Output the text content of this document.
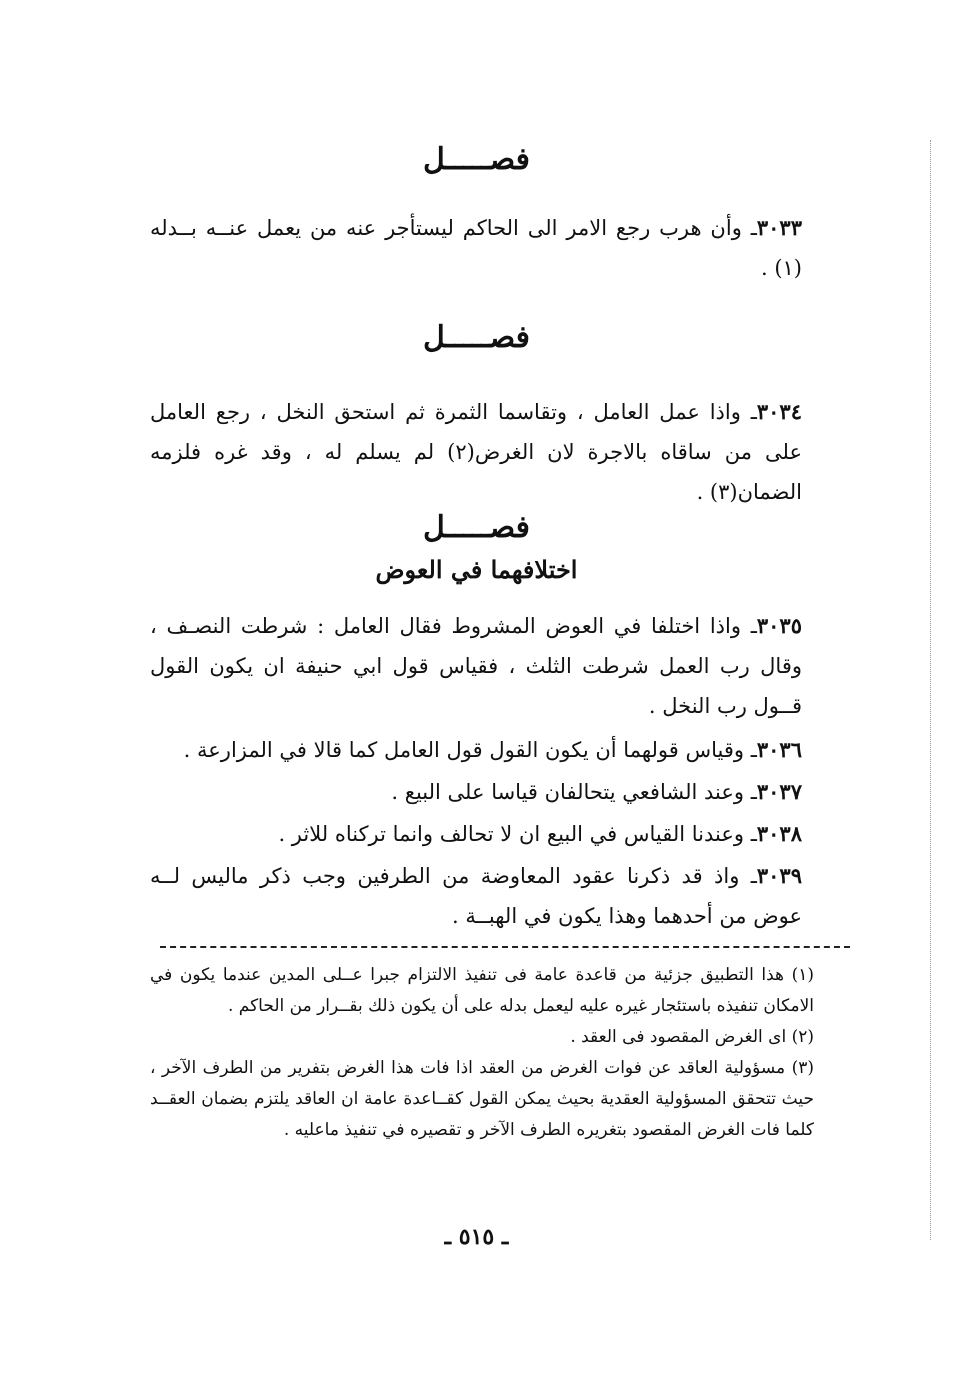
فصـــــل

٣٠٣٣ـ وأن هرب رجع الامر الى الحاكم ليستأجر عنه من يعمل عنــه بــدله (١) .

فصـــــل

٣٠٣٤ـ واذا عمل العامل ، وتقاسما الثمرة ثم استحق النخل ، رجع العامل على من ساقاه بالاجرة لان الغرض(٢) لم يسلم له ، وقد غره فلزمه الضمان(٣) .

فصـــــل
اختلافهما في العوض

٣٠٣٥ـ واذا اختلفا في العوض المشروط فقال العامل : شرطت النصـف ، وقال رب العمل شرطت الثلث ، فقياس قول ابي حنيفة ان يكون القول قــول رب النخل .

٣٠٣٦ـ وقياس قولهما أن يكون القول قول العامل كما قالا في المزارعة .

٣٠٣٧ـ وعند الشافعي يتحالفان قياسا على البيع .

٣٠٣٨ـ وعندنا القياس في البيع ان لا تحالف وانما تركناه للاثر .

٣٠٣٩ـ واذ قد ذكرنا عقود المعاوضة من الطرفين وجب ذكر ماليس لــه عوض من أحدهما وهذا يكون في الهبــة .

(١) هذا التطبيق جزئية من قاعدة عامة فى تنفيذ الالتزام جبرا عــلى المدين عندما يكون في الامكان تنفيذه باستئجار غيره عليه ليعمل بدله على أن يكون ذلك بقــرار من الحاكم .

(٢) اى الغرض المقصود فى العقد .

(٣) مسؤولية العاقد عن فوات الغرض من العقد اذا فات هذا الغرض بتفرير من الطرف الآخر ، حيث تتحقق المسؤولية العقدية بحيث يمكن القول كقــاعدة عامة ان العاقد يلتزم بضمان العقــد كلما فات الغرض المقصود بتغريره الطرف الآخر و تقصيره في تنفيذ ماعليه .

ـ ٥١٥ ـ
